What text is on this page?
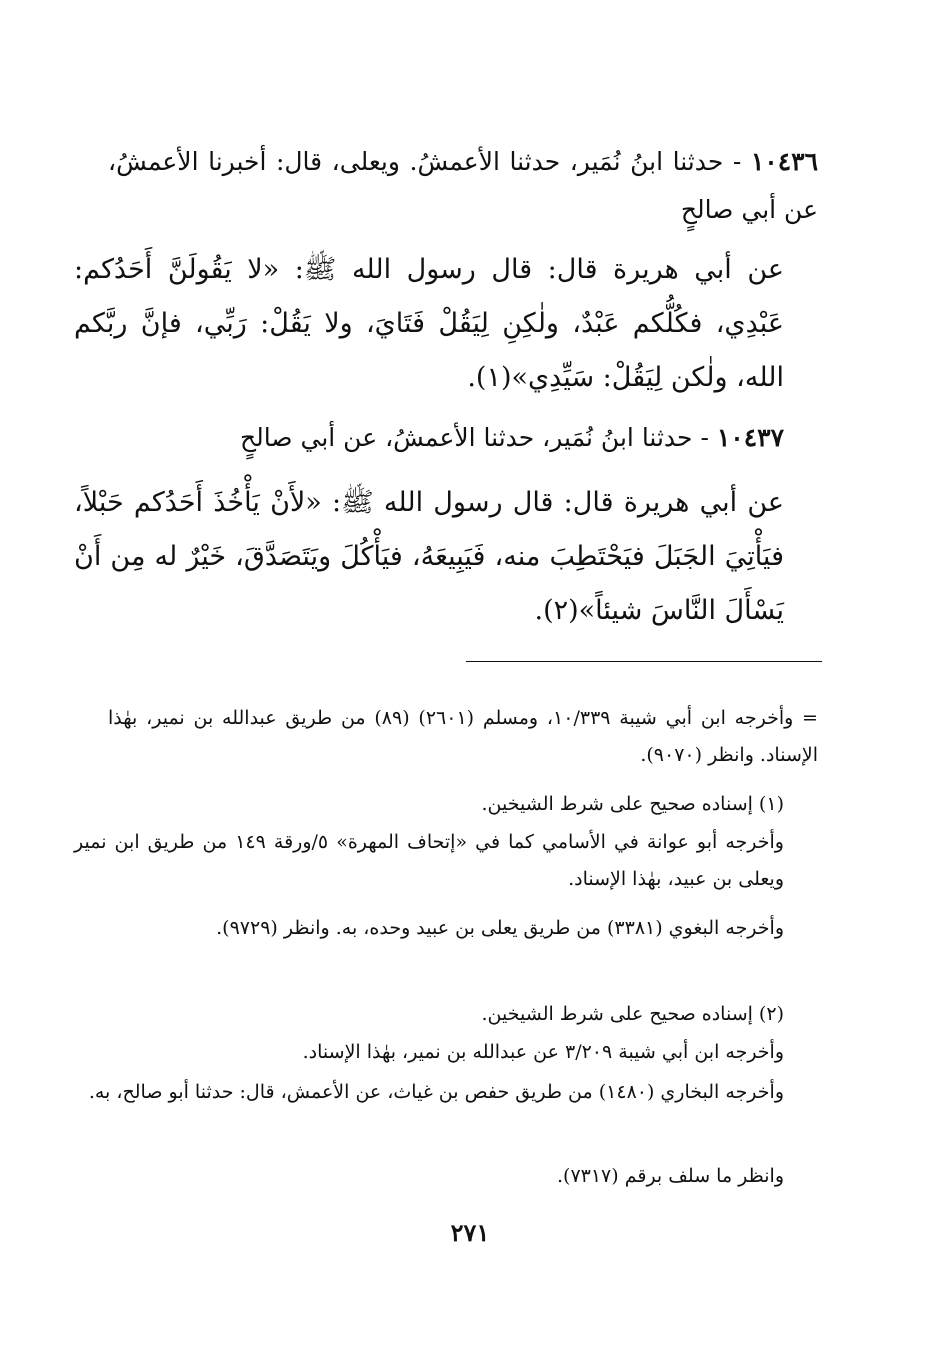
١٠٤٣٦ - حدثنا ابنُ نُمَير، حدثنا الأعمشُ. ويعلى، قال: أخبرنا الأعمشُ، عن أبي صالحٍ
عن أبي هريرة قال: قال رسول الله ﷺ: «لا يَقُولَنَّ أَحَدُكم: عَبْدِي، فكُلُّكم عَبْدٌ، ولٰكِنِ لِيَقُلْ فَتَايَ، ولا يَقُلْ: رَبِّي، فإنَّ ربَّكم الله، ولٰكن لِيَقُلْ: سَيِّدِي»(١).
١٠٤٣٧ - حدثنا ابنُ نُمَير، حدثنا الأعمشُ، عن أبي صالحٍ
عن أبي هريرة قال: قال رسول الله ﷺ: «لأَنْ يَأْخُذَ أَحَدُكم حَبْلاً، فيَأْتِيَ الجَبَلَ فيَحْتَطِبَ منه، فَيَبِيعَهُ، فيَأْكُلَ ويَتَصَدَّقَ، خَيْرٌ له مِن أَنْ يَسْأَلَ النَّاسَ شيئاً»(٢).
= وأخرجه ابن أبي شيبة ١٠/٣٣٩، ومسلم (٢٦٠١) (٨٩) من طريق عبدالله بن نمير، بهٰذا الإسناد. وانظر (٩٠٧٠).
(١) إسناده صحيح على شرط الشيخين.
وأخرجه أبو عوانة في الأسامي كما في «إتحاف المهرة» ٥/ورقة ١٤٩ من طريق ابن نمير ويعلى بن عبيد، بهٰذا الإسناد.
وأخرجه البغوي (٣٣٨١) من طريق يعلى بن عبيد وحده، به. وانظر (٩٧٢٩).
(٢) إسناده صحيح على شرط الشيخين.
وأخرجه ابن أبي شيبة ٣/٢٠٩ عن عبدالله بن نمير، بهٰذا الإسناد.
وأخرجه البخاري (١٤٨٠) من طريق حفص بن غياث، عن الأعمش، قال: حدثنا أبو صالح، به.
وانظر ما سلف برقم (٧٣١٧).
٢٧١
